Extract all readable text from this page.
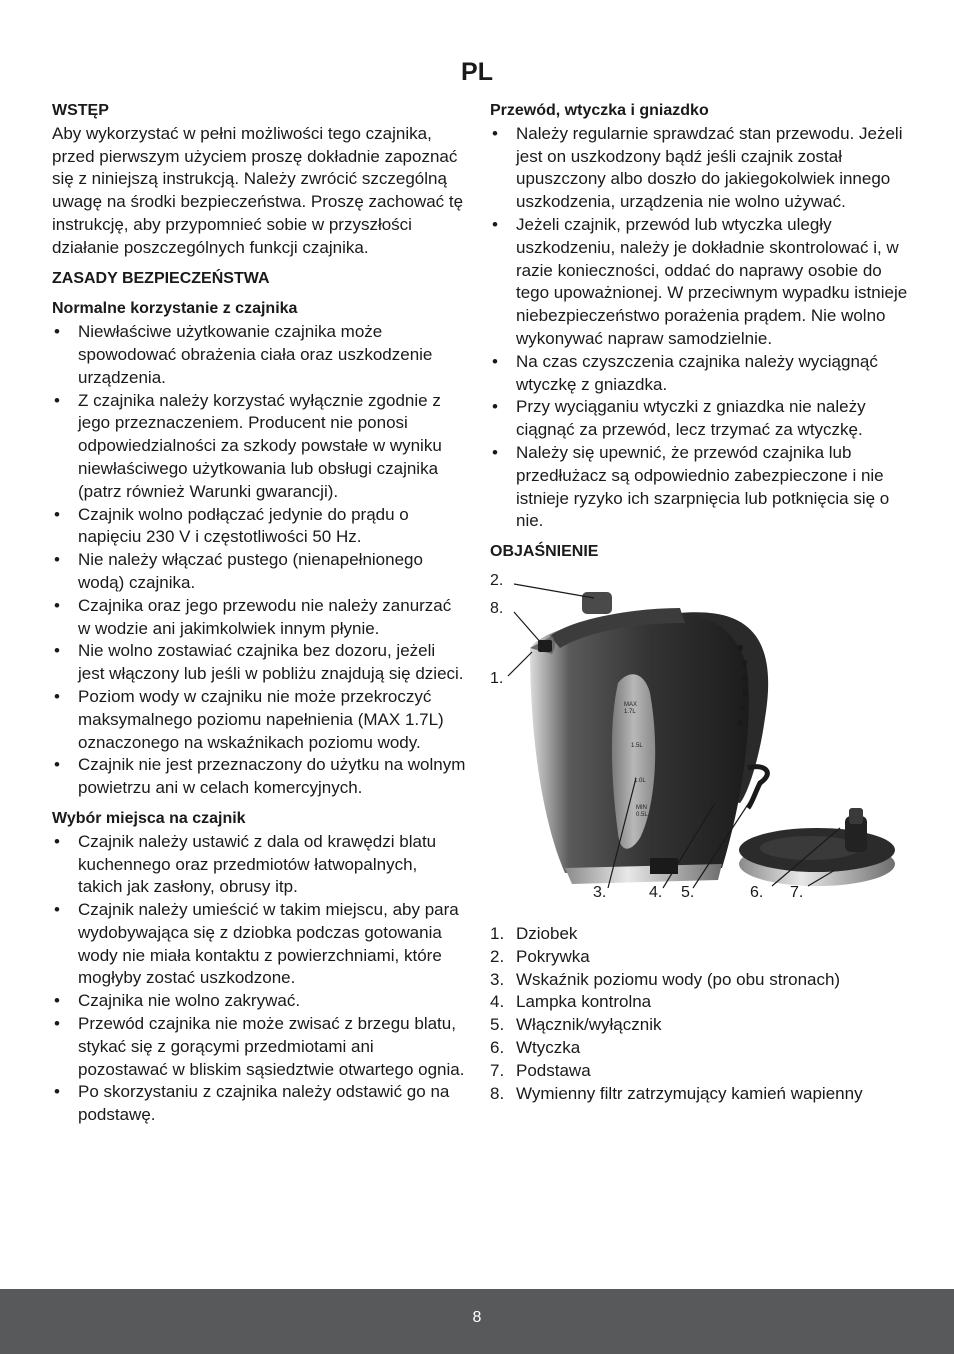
PL
WSTĘP

Aby wykorzystać w pełni możliwości tego czajnika, przed pierwszym użyciem proszę dokładnie zapoznać się z niniejszą instrukcją. Należy zwrócić szczególną uwagę na środki bezpieczeństwa. Proszę zachować tę instrukcję, aby przypomnieć sobie w przyszłości działanie poszczególnych funkcji czajnika.

ZASADY BEZPIECZEŃSTWA
Normalne korzystanie z czajnika
• Niewłaściwe użytkowanie czajnika może spowodować obrażenia ciała oraz uszkodzenie urządzenia.
• Z czajnika należy korzystać wyłącznie zgodnie z jego przeznaczeniem. Producent nie ponosi odpowiedzialności za szkody powstałe w wyniku niewłaściwego użytkowania lub obsługi czajnika (patrz również Warunki gwarancji).
• Czajnik wolno podłączać jedynie do prądu o napięciu 230 V i częstotliwości 50 Hz.
• Nie należy włączać pustego (nienapełnionego wodą) czajnika.
• Czajnika oraz jego przewodu nie należy zanurzać w wodzie ani jakimkolwiek innym płynie.
• Nie wolno zostawiać czajnika bez dozoru, jeżeli jest włączony lub jeśli w pobliżu znajdują się dzieci.
• Poziom wody w czajniku nie może przekroczyć maksymalnego poziomu napełnienia (MAX 1.7L) oznaczonego na wskaźnikach poziomu wody.
• Czajnik nie jest przeznaczony do użytku na wolnym powietrzu ani w celach komercyjnych.
Wybór miejsca na czajnik
• Czajnik należy ustawić z dala od krawędzi blatu kuchennego oraz przedmiotów łatwopalnych, takich jak zasłony, obrusy itp.
• Czajnik należy umieścić w takim miejscu, aby para wydobywająca się z dziobka podczas gotowania wody nie miała kontaktu z powierzchniami, które mogłyby zostać uszkodzone.
• Czajnika nie wolno zakrywać.
• Przewód czajnika nie może zwisać z brzegu blatu, stykać się z gorącymi przedmiotami ani pozostawać w bliskim sąsiedztwie otwartego ognia.
• Po skorzystaniu z czajnika należy odstawić go na podstawę.
Przewód, wtyczka i gniazdko
• Należy regularnie sprawdzać stan przewodu. Jeżeli jest on uszkodzony bądź jeśli czajnik został upuszczony albo doszło do jakiegokolwiek innego uszkodzenia, urządzenia nie wolno używać.
• Jeżeli czajnik, przewód lub wtyczka uległy uszkodzeniu, należy je dokładnie skontrolować i, w razie konieczności, oddać do naprawy osobie do tego upoważnionej. W przeciwnym wypadku istnieje niebezpieczeństwo porażenia prądem. Nie wolno wykonywać napraw samodzielnie.
• Na czas czyszczenia czajnika należy wyciągnąć wtyczkę z gniazdka.
• Przy wyciąganiu wtyczki z gniazdka nie należy ciągnąć za przewód, lecz trzymać za wtyczkę.
• Należy się upewnić, że przewód czajnika lub przedłużacz są odpowiednio zabezpieczone i nie istnieje ryzyko ich szarpnięcia lub potknięcia się o nie.
OBJAŚNIENIE
2.
8.
1.
3.	4. 5.	6. 7.
MAX 1.7L
1.5L
1.0L
MIN 0.5L
1. Dziobek
2. Pokrywka
3. Wskaźnik poziomu wody (po obu stronach)
4. Lampka kontrolna
5. Włącznik/wyłącznik
6. Wtyczka
7. Podstawa
8. Wymienny filtr zatrzymujący kamień wapienny
8
